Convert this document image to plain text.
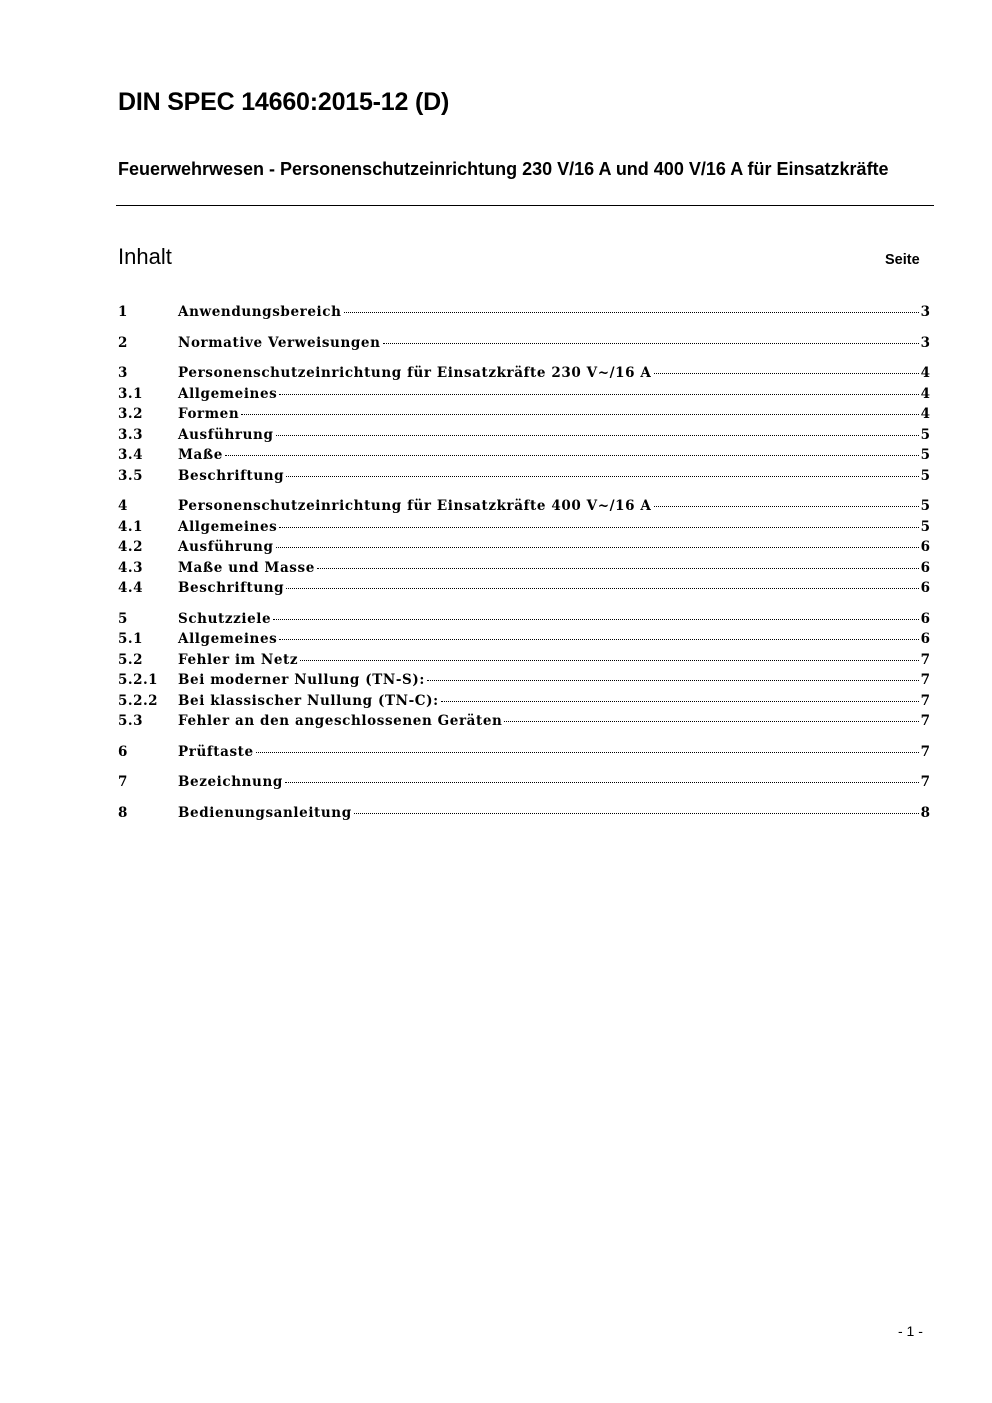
DIN SPEC 14660:2015-12 (D)
Feuerwehrwesen - Personenschutzeinrichtung 230 V/16 A und 400 V/16 A für Einsatzkräfte
Inhalt	Seite
1	Anwendungsbereich	3
2	Normative Verweisungen	3
3	Personenschutzeinrichtung für Einsatzkräfte 230 V~/16 A	4
3.1	Allgemeines	4
3.2	Formen	4
3.3	Ausführung	5
3.4	Maße	5
3.5	Beschriftung	5
4	Personenschutzeinrichtung für Einsatzkräfte 400 V~/16 A	5
4.1	Allgemeines	5
4.2	Ausführung	6
4.3	Maße und Masse	6
4.4	Beschriftung	6
5	Schutzziele	6
5.1	Allgemeines	6
5.2	Fehler im Netz	7
5.2.1	Bei moderner Nullung (TN-S):	7
5.2.2	Bei klassischer Nullung (TN-C):	7
5.3	Fehler an den angeschlossenen Geräten	7
6	Prüftaste	7
7	Bezeichnung	7
8	Bedienungsanleitung	8
- 1 -
